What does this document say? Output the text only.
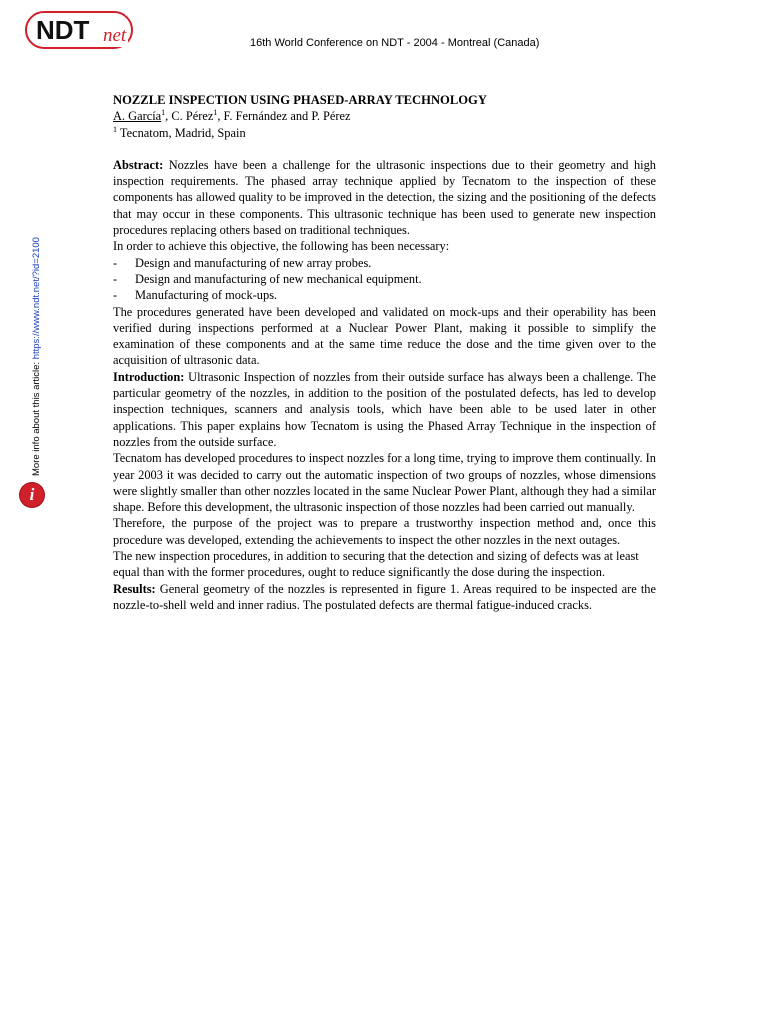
NDT net	16th World Conference on NDT - 2004 - Montreal (Canada)
More info about this article: https://www.ndt.net/?id=2100
i
NOZZLE INSPECTION USING PHASED-ARRAY TECHNOLOGY
A. García$^1$, C. Pérez$^1$, F. Fernández and P. Pérez
$^1$ Tecnatom, Madrid, Spain

Abstract: Nozzles have been a challenge for the ultrasonic inspections due to their geometry and high inspection requirements. The phased array technique applied by Tecnatom to the inspection of these components has allowed quality to be improved in the detection, the sizing and the positioning of the defects that may occur in these components. This ultrasonic technique has been used to generate new inspection procedures replacing others based on traditional techniques.

In order to achieve this objective, the following has been necessary:

-	Design and manufacturing of new array probes.
-	Design and manufacturing of new mechanical equipment.
-	Manufacturing of mock-ups.

The procedures generated have been developed and validated on mock-ups and their operability has been verified during inspections performed at a Nuclear Power Plant, making it possible to simplify the examination of these components and at the same time reduce the dose and the time given over to the acquisition of ultrasonic data.

Introduction: Ultrasonic Inspection of nozzles from their outside surface has always been a challenge. The particular geometry of the nozzles, in addition to the position of the postulated defects, has led to develop inspection techniques, scanners and analysis tools, which have been able to be used later in other applications. This paper explains how Tecnatom is using the Phased Array Technique in the inspection of nozzles from the outside surface.

Tecnatom has developed procedures to inspect nozzles for a long time, trying to improve them continually. In year 2003 it was decided to carry out the automatic inspection of two groups of nozzles, whose dimensions were slightly smaller than other nozzles located in the same Nuclear Power Plant, although they had a similar shape. Before this development, the ultrasonic inspection of those nozzles had been carried out manually.

Therefore, the purpose of the project was to prepare a trustworthy inspection method and, once this procedure was developed, extending the achievements to inspect the other nozzles in the next outages.

The new inspection procedures, in addition to securing that the detection and sizing of defects was at least equal than with the former procedures, ought to reduce significantly the dose during the inspection.

Results: General geometry of the nozzles is represented in figure 1. Areas required to be inspected are the nozzle-to-shell weld and inner radius. The postulated defects are thermal fatigue-induced cracks.
